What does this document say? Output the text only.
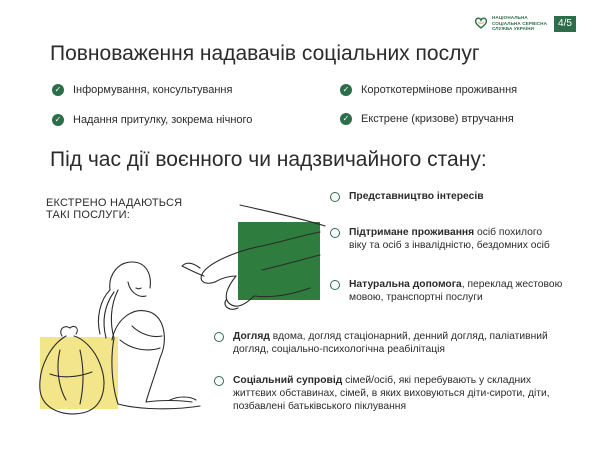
НАЦІОНАЛЬНА
СОЦІАЛЬНА СЕРВІСНА
СЛУЖБА УКРАЇНИ	4/5
Повноваження надавачів соціальних послуг
✓ Інформування, консультування	✓ Короткотермінове проживання
✓ Надання притулку, зокрема нічного	✓ Екстрене (кризове) втручання
Під час дії воєнного чи надзвичайного стану:
ЕКСТРЕНО НАДАЮТЬСЯ
ТАКІ ПОСЛУГИ:
Представництво інтересів
Підтримане проживання осіб похилого віку та осіб з інвалідністю, бездомних осіб
Натуральна допомога, переклад жестовою мовою, транспортні послуги
Догляд вдома, догляд стаціонарний, денний догляд, паліативний догляд, соціально-психологічна реабілітація
Соціальний супровід сімей/осіб, які перебувають у складних життєвих обставинах, сімей, в яких виховуються діти-сироти, діти, позбавлені батьківського піклування
